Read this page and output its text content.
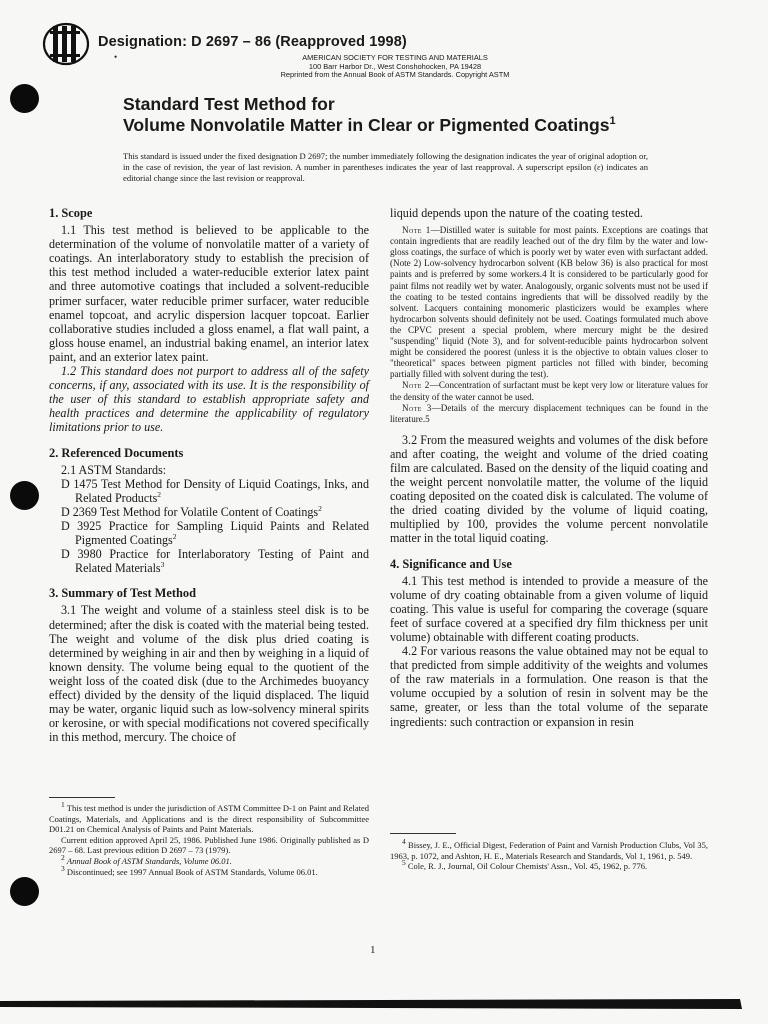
Designation: D 2697 – 86 (Reapproved 1998)
•	AMERICAN SOCIETY FOR TESTING AND MATERIALS
100 Barr Harbor Dr., West Conshohocken, PA 19428
Reprinted from the Annual Book of ASTM Standards. Copyright ASTM
Standard Test Method for
Volume Nonvolatile Matter in Clear or Pigmented Coatings$^1$
This standard is issued under the fixed designation D 2697; the number immediately following the designation indicates the year of original adoption or, in the case of revision, the year of last revision. A number in parentheses indicates the year of last reapproval. A superscript epsilon (ε) indicates an editorial change since the last revision or reapproval.

1. Scope

1.1 This test method is believed to be applicable to the determination of the volume of nonvolatile matter of a variety of coatings. An interlaboratory study to establish the precision of this test method included a water-reducible exterior latex paint and three automotive coatings that included a solvent-reducible primer surfacer, water reducible primer surfacer, water reducible enamel topcoat, and acrylic dispersion lacquer topcoat. Earlier collaborative studies included a gloss enamel, a flat wall paint, a gloss house enamel, an industrial baking enamel, an interior latex paint, and an exterior latex paint.

1.2 This standard does not purport to address all of the safety concerns, if any, associated with its use. It is the responsibility of the user of this standard to establish appropriate safety and health practices and determine the applicability of regulatory limitations prior to use.

2. Referenced Documents

2.1 ASTM Standards:

D 1475 Test Method for Density of Liquid Coatings, Inks, and Related Products$^2$

D 2369 Test Method for Volatile Content of Coatings$^2$

D 3925 Practice for Sampling Liquid Paints and Related Pigmented Coatings$^2$

D 3980 Practice for Interlaboratory Testing of Paint and Related Materials$^3$

3. Summary of Test Method

3.1 The weight and volume of a stainless steel disk is to be determined; after the disk is coated with the material being tested. The weight and volume of the disk plus dried coating is determined by weighing in air and then by weighing in a liquid of known density. The volume being equal to the quotient of the weight loss of the coated disk (due to the Archimedes buoyancy effect) divided by the density of the liquid displaced. The liquid may be water, organic liquid such as low-solvency mineral spirits or kerosine, or with special modifications not covered specifically in this method, mercury. The choice of

$^1$ This test method is under the jurisdiction of ASTM Committee D-1 on Paint and Related Coatings, Materials, and Applications and is the direct responsibility of Subcommittee D01.21 on Chemical Analysis of Paints and Paint Materials.

Current edition approved April 25, 1986. Published June 1986. Originally published as D 2697 – 68. Last previous edition D 2697 – 73 (1979).

$^2$ Annual Book of ASTM Standards, Volume 06.01.

$^3$ Discontinued; see 1997 Annual Book of ASTM Standards, Volume 06.01.

liquid depends upon the nature of the coating tested.

Note 1—Distilled water is suitable for most paints. Exceptions are coatings that contain ingredients that are readily leached out of the dry film by the water and low-gloss coatings, the surface of which is poorly wet by water even with surfactant added. (Note 2) Low-solvency hydrocarbon solvent (KB below 36) is also practical for most paints and is preferred by some workers.4 It is considered to be particularly good for paint films not readily wet by water. Analogously, organic solvents must not be used if the coating to be tested contains ingredients that will be dissolved readily by the solvent. Lacquers containing monomeric plasticizers would be examples where hydrocarbon solvents should definitely not be used. Coatings formulated much above the CPVC present a special problem, where mercury might be the desired "suspending" liquid (Note 3), and for solvent-reducible paints hydrocarbon solvent might be considered the poorest (unless it is the objective to obtain values closer to "theoretical" spaces between pigment particles not filled with binder, becoming partially filled with solvent during the test).

Note 2—Concentration of surfactant must be kept very low or literature values for the density of the water cannot be used.

Note 3—Details of the mercury displacement techniques can be found in the literature.5

3.2 From the measured weights and volumes of the disk before and after coating, the weight and volume of the dried coating film are calculated. Based on the density of the liquid coating and the weight percent nonvolatile matter, the volume of the liquid coating deposited on the coated disk is calculated. The volume of the dried coating divided by the volume of liquid coating, multiplied by 100, provides the volume percent nonvolatile matter in the total liquid coating.

4. Significance and Use

4.1 This test method is intended to provide a measure of the volume of dry coating obtainable from a given volume of liquid coating. This value is useful for comparing the coverage (square feet of surface covered at a specified dry film thickness per unit volume) obtainable with different coating products.

4.2 For various reasons the value obtained may not be equal to that predicted from simple additivity of the weights and volumes of the raw materials in a formulation. One reason is that the volume occupied by a solution of resin in solvent may be the same, greater, or less than the total volume of the separate ingredients: such contraction or expansion in resin

$^4$ Bissey, J. E., Official Digest, Federation of Paint and Varnish Production Clubs, Vol 35, 1963, p. 1072, and Ashton, H. E., Materials Research and Standards, Vol 1, 1961, p. 549.

$^5$ Cole, R. J., Journal, Oil Colour Chemists' Assn., Vol. 45, 1962, p. 776.

1
